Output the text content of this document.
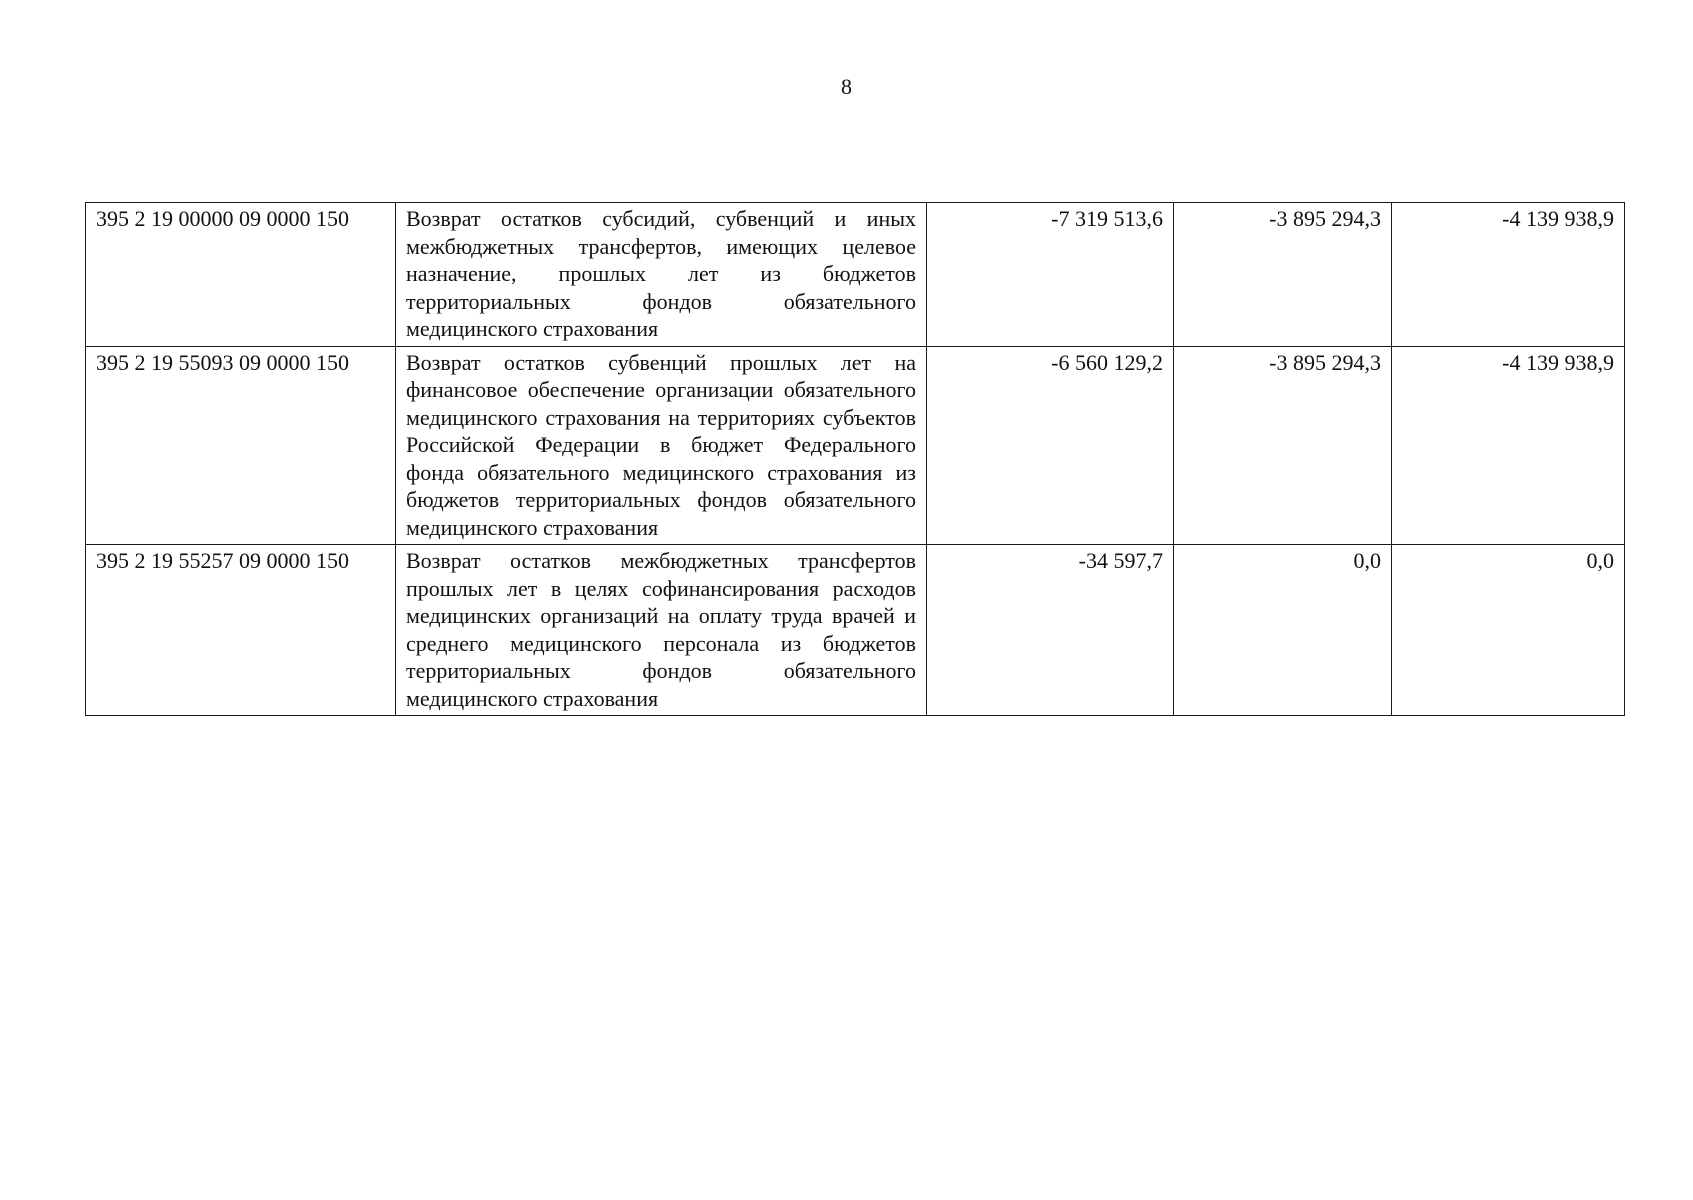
8
395 2 19 00000 09 0000 150	Возврат остатков субсидий, субвенций и иных межбюджетных трансфертов, имеющих целевое назначение, прошлых лет из бюджетов территориальных фондов обязательного медицинского страхования	-7 319 513,6	-3 895 294,3	-4 139 938,9
395 2 19 55093 09 0000 150	Возврат остатков субвенций прошлых лет на финансовое обеспечение организации обязательного медицинского страхования на территориях субъектов Российской Федерации в бюджет Федерального фонда обязательного медицинского страхования из бюджетов территориальных фондов обязательного медицинского страхования	-6 560 129,2	-3 895 294,3	-4 139 938,9
395 2 19 55257 09 0000 150	Возврат остатков межбюджетных трансфертов прошлых лет в целях софинансирования расходов медицинских организаций на оплату труда врачей и среднего медицинского персонала из бюджетов территориальных фондов обязательного медицинского страхования	-34 597,7	0,0	0,0
